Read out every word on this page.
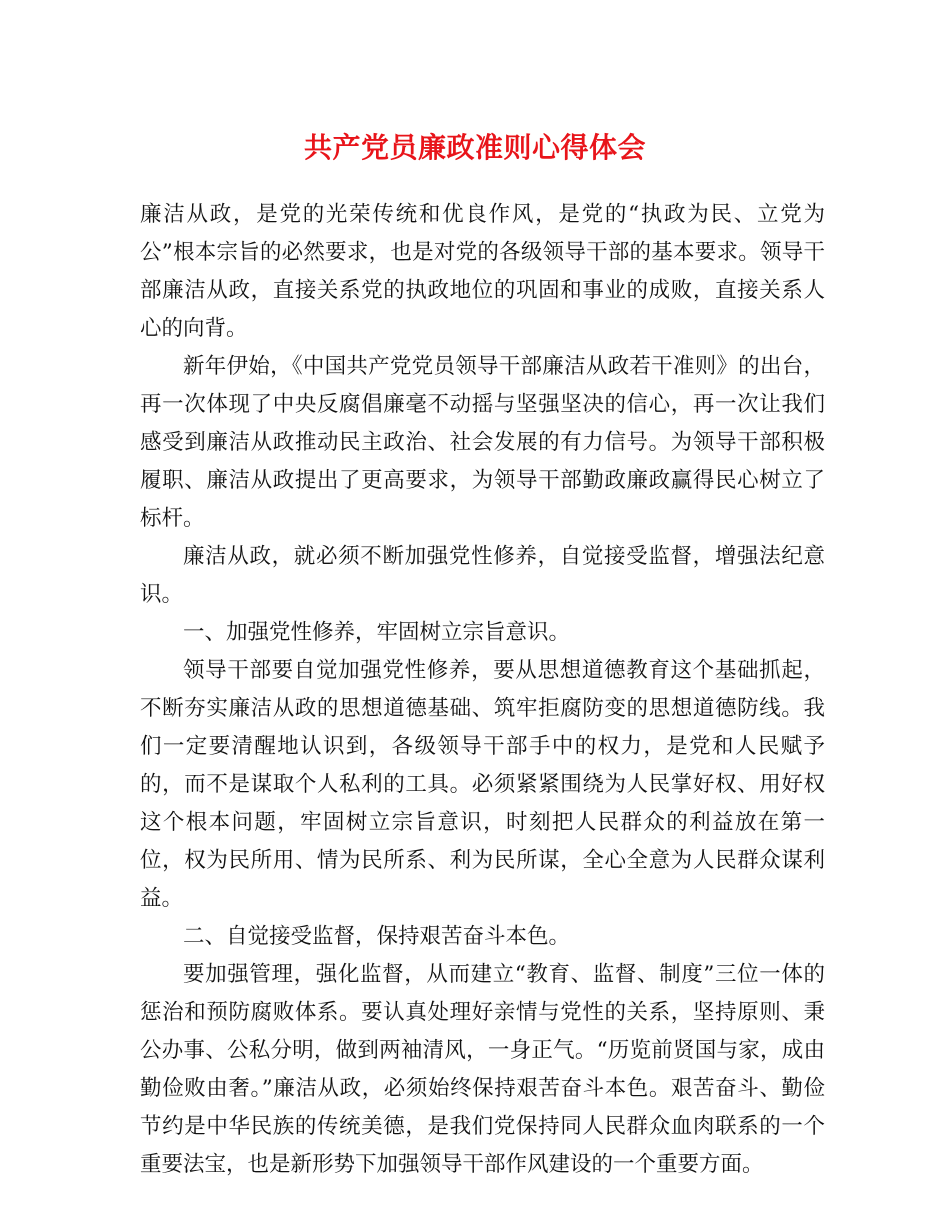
共产党员廉政准则心得体会

廉洁从政，是党的光荣传统和优良作风，是党的“执政为民、立党为公”根本宗旨的必然要求，也是对党的各级领导干部的基本要求。领导干部廉洁从政，直接关系党的执政地位的巩固和事业的成败，直接关系人心的向背。

新年伊始，《中国共产党党员领导干部廉洁从政若干准则》的出台，再一次体现了中央反腐倡廉毫不动摇与坚强坚决的信心，再一次让我们感受到廉洁从政推动民主政治、社会发展的有力信号。为领导干部积极履职、廉洁从政提出了更高要求，为领导干部勤政廉政赢得民心树立了标杆。

廉洁从政，就必须不断加强党性修养，自觉接受监督，增强法纪意识。

一、加强党性修养，牢固树立宗旨意识。

领导干部要自觉加强党性修养，要从思想道德教育这个基础抓起，不断夯实廉洁从政的思想道德基础、筑牢拒腐防变的思想道德防线。我们一定要清醒地认识到，各级领导干部手中的权力，是党和人民赋予的，而不是谋取个人私利的工具。必须紧紧围绕为人民掌好权、用好权这个根本问题，牢固树立宗旨意识，时刻把人民群众的利益放在第一位，权为民所用、情为民所系、利为民所谋，全心全意为人民群众谋利益。

二、自觉接受监督，保持艰苦奋斗本色。

要加强管理，强化监督，从而建立“教育、监督、制度”三位一体的惩治和预防腐败体系。要认真处理好亲情与党性的关系，坚持原则、秉公办事、公私分明，做到两袖清风，一身正气。“历览前贤国与家，成由勤俭败由奢。”廉洁从政，必须始终保持艰苦奋斗本色。艰苦奋斗、勤俭节约是中华民族的传统美德，是我们党保持同人民群众血肉联系的一个重要法宝，也是新形势下加强领导干部作风建设的一个重要方面。
